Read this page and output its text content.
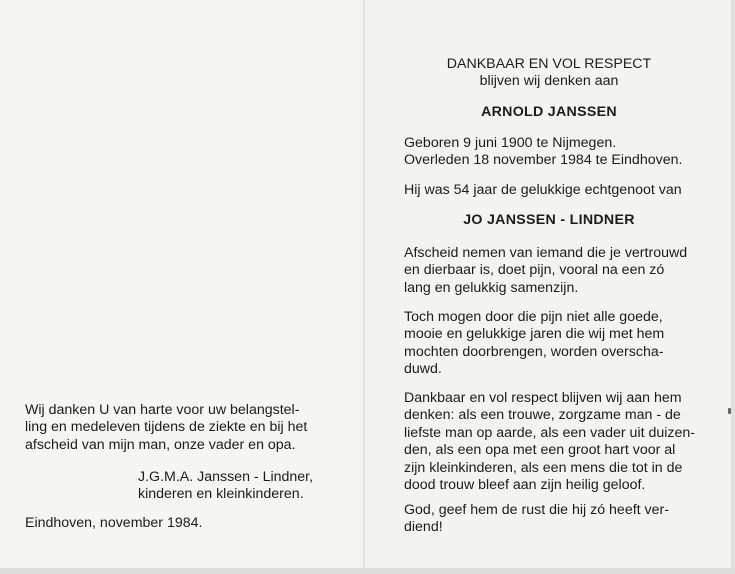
Wij danken U van harte voor uw belangstel-
ling en medeleven tijdens de ziekte en bij het
afscheid van mijn man, onze vader en opa.
J.G.M.A. Janssen - Lindner,
kinderen en kleinkinderen.
Eindhoven, november 1984.
DANKBAAR EN VOL RESPECT
blijven wij denken aan
ARNOLD JANSSEN
Geboren 9 juni 1900 te Nijmegen.
Overleden 18 november 1984 te Eindhoven.
Hij was 54 jaar de gelukkige echtgenoot van
JO JANSSEN - LINDNER
Afscheid nemen van iemand die je vertrouwd
en dierbaar is, doet pijn, vooral na een zó
lang en gelukkig samenzijn.
Toch mogen door die pijn niet alle goede,
mooie en gelukkige jaren die wij met hem
mochten doorbrengen, worden overscha-
duwd.
Dankbaar en vol respect blijven wij aan hem
denken: als een trouwe, zorgzame man - de
liefste man op aarde, als een vader uit duizen-
den, als een opa met een groot hart voor al
zijn kleinkinderen, als een mens die tot in de
dood trouw bleef aan zijn heilig geloof.
God, geef hem de rust die hij zó heeft ver-
diend!
